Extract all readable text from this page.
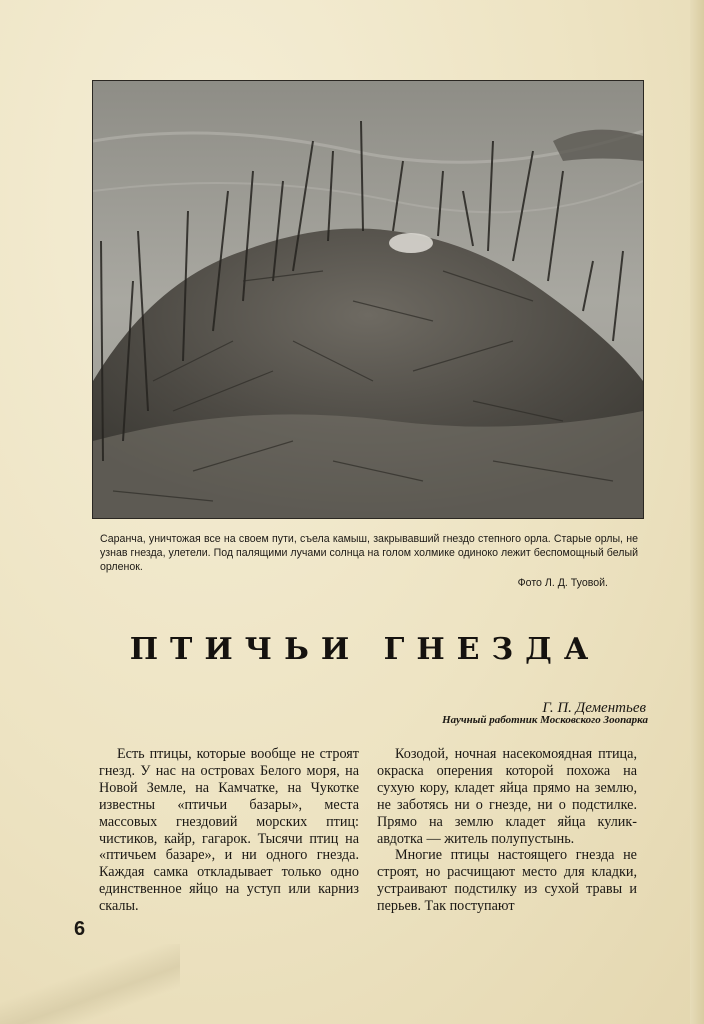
Саранча, уничтожая все на своем пути, съела камыш, закрывавший гнездо степного орла. Старые орлы, не узнав гнезда, улетели. Под палящими лучами солнца на голом холмике одиноко лежит беспомощный белый орленок.
Фото Л. Д. Туовой.
ПТИЧЬИ ГНЕЗДА
Г. П. Дементьев
Научный работник Московского Зоопарка

Есть птицы, которые вообще не строят гнезд. У нас на островах Белого моря, на Новой Земле, на Камчатке, на Чукотке известны «птичьи базары», места массовых гнездовий морских птиц: чистиков, кайр, гагарок. Тысячи птиц на «птичьем базаре», и ни одного гнезда. Каждая самка откладывает только одно единственное яйцо на уступ или карниз скалы.

Козодой, ночная насекомоядная птица, окраска оперения которой похожа на сухую кору, кладет яйца прямо на землю, не заботясь ни о гнезде, ни о подстилке. Прямо на землю кладет яйца кулик-авдотка — житель полупустынь.

Многие птицы настоящего гнезда не строят, но расчищают место для кладки, устраивают подстилку из сухой травы и перьев. Так поступают

6
